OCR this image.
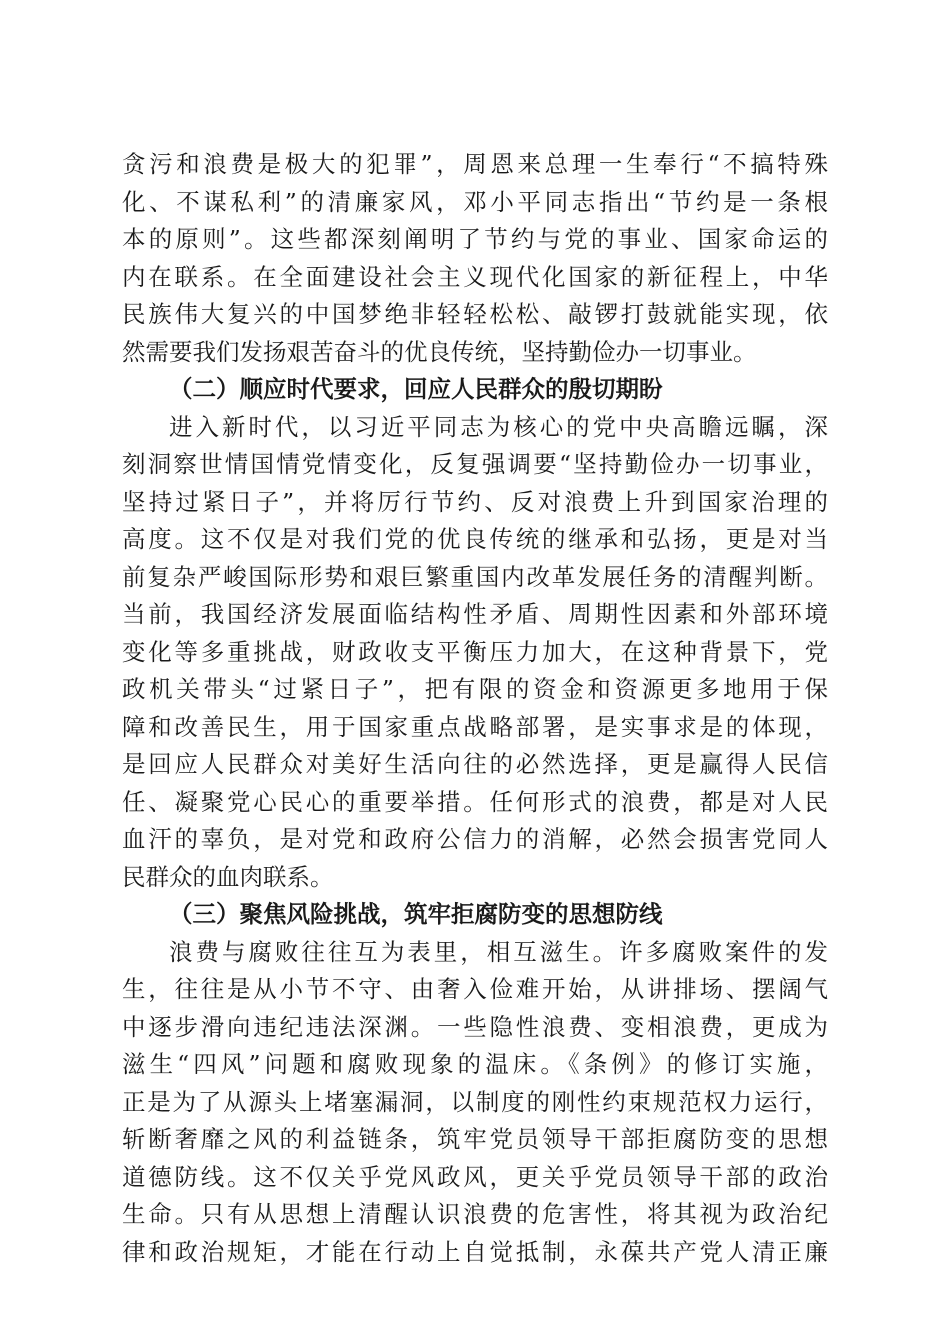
贪污和浪费是极大的犯罪”，周恩来总理一生奉行“不搞特殊
化、不谋私利”的清廉家风，邓小平同志指出“节约是一条根
本的原则”。这些都深刻阐明了节约与党的事业、国家命运的
内在联系。在全面建设社会主义现代化国家的新征程上，中华
民族伟大复兴的中国梦绝非轻轻松松、敲锣打鼓就能实现，依
然需要我们发扬艰苦奋斗的优良传统，坚持勤俭办一切事业。
（二）顺应时代要求，回应人民群众的殷切期盼
进入新时代，以习近平同志为核心的党中央高瞻远瞩，深
刻洞察世情国情党情变化，反复强调要“坚持勤俭办一切事业，
坚持过紧日子”，并将厉行节约、反对浪费上升到国家治理的
高度。这不仅是对我们党的优良传统的继承和弘扬，更是对当
前复杂严峻国际形势和艰巨繁重国内改革发展任务的清醒判断。
当前，我国经济发展面临结构性矛盾、周期性因素和外部环境
变化等多重挑战，财政收支平衡压力加大，在这种背景下，党
政机关带头“过紧日子”，把有限的资金和资源更多地用于保
障和改善民生，用于国家重点战略部署，是实事求是的体现，
是回应人民群众对美好生活向往的必然选择，更是赢得人民信
任、凝聚党心民心的重要举措。任何形式的浪费，都是对人民
血汗的辜负，是对党和政府公信力的消解，必然会损害党同人
民群众的血肉联系。
（三）聚焦风险挑战，筑牢拒腐防变的思想防线
浪费与腐败往往互为表里，相互滋生。许多腐败案件的发
生，往往是从小节不守、由奢入俭难开始，从讲排场、摆阔气
中逐步滑向违纪违法深渊。一些隐性浪费、变相浪费，更成为
滋生“四风”问题和腐败现象的温床。《条例》的修订实施，
正是为了从源头上堵塞漏洞，以制度的刚性约束规范权力运行，
斩断奢靡之风的利益链条，筑牢党员领导干部拒腐防变的思想
道德防线。这不仅关乎党风政风，更关乎党员领导干部的政治
生命。只有从思想上清醒认识浪费的危害性，将其视为政治纪
律和政治规矩，才能在行动上自觉抵制，永葆共产党人清正廉
